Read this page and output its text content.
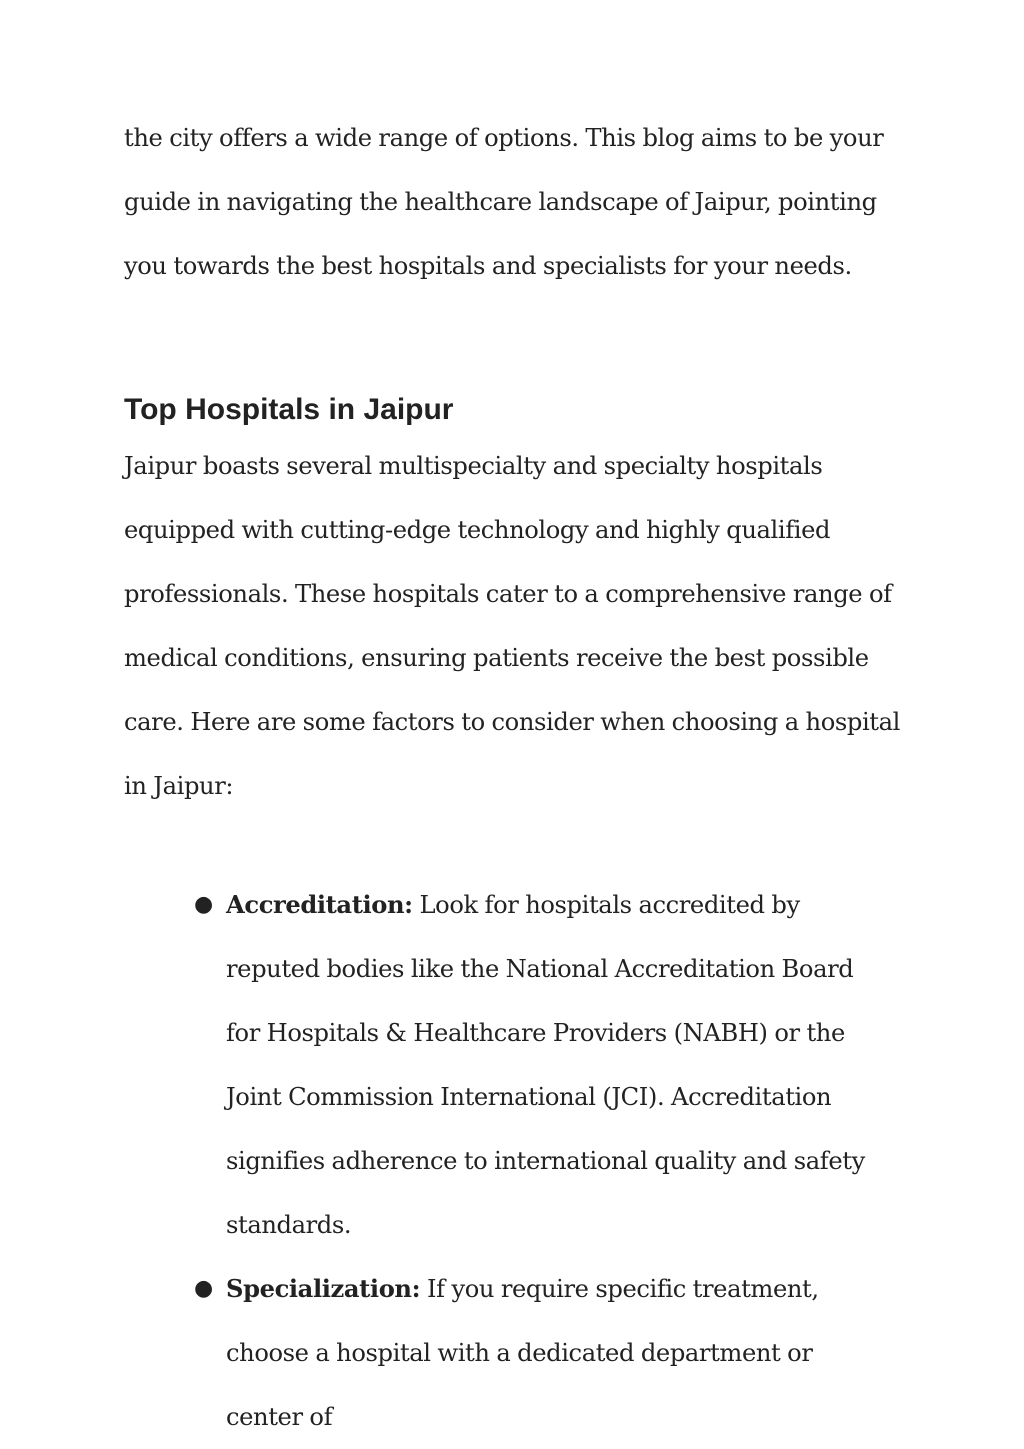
the city offers a wide range of options. This blog aims to be your guide in navigating the healthcare landscape of Jaipur, pointing you towards the best hospitals and specialists for your needs.

Top Hospitals in Jaipur

Jaipur boasts several multispecialty and specialty hospitals equipped with cutting-edge technology and highly qualified professionals. These hospitals cater to a comprehensive range of medical conditions, ensuring patients receive the best possible care. Here are some factors to consider when choosing a hospital in Jaipur:

● Accreditation: Look for hospitals accredited by reputed bodies like the National Accreditation Board for Hospitals & Healthcare Providers (NABH) or the Joint Commission International (JCI). Accreditation signifies adherence to international quality and safety standards.
● Specialization: If you require specific treatment, choose a hospital with a dedicated department or center of
